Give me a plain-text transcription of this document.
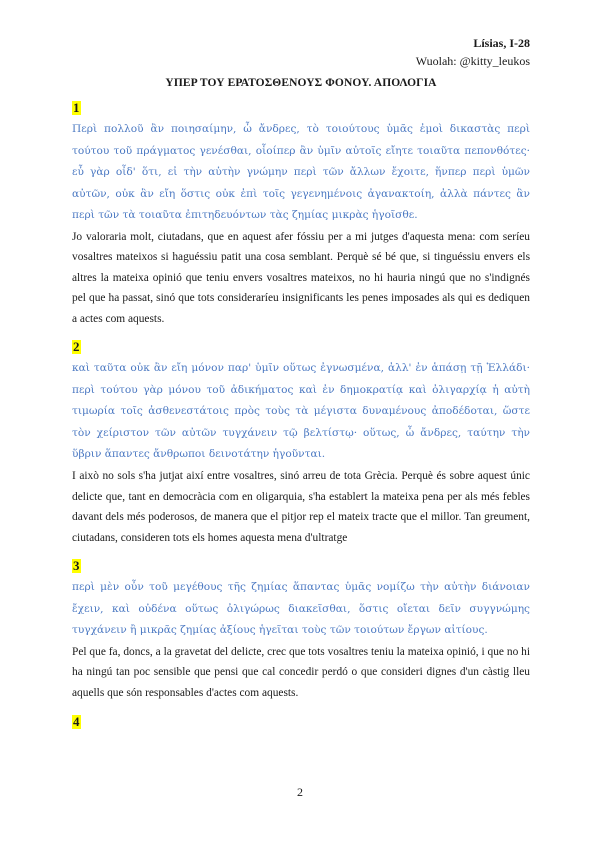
Lísias, I-28
Wuolah: @kitty_leukos
ΥΠΕΡ ΤΟΥ ΕΡΑΤΟΣΘΕΝΟΥΣ ΦΟΝΟΥ. ΑΠΟΛΟΓΙΑ
1

Περὶ πολλοῦ ἂν ποιησαίμην, ὦ ἄνδρες, τὸ τοιούτους ὑμᾶς ἐμοὶ δικαστὰς περὶ τούτου τοῦ πράγματος γενέσθαι, οἷοίπερ ἂν ὑμῖν αὐτοῖς εἴητε τοιαῦτα πεπονθότες· εὖ γὰρ οἶδ' ὅτι, εἰ τὴν αὐτὴν γνώμην περὶ τῶν ἄλλων ἔχοιτε, ἥνπερ περὶ ὑμῶν αὐτῶν, οὐκ ἂν εἴη ὅστις οὐκ ἐπὶ τοῖς γεγενημένοις ἀγανακτοίη, ἀλλὰ πάντες ἂν περὶ τῶν τὰ τοιαῦτα ἐπιτηδευόντων τὰς ζημίας μικρὰς ἡγοῖσθε.

Jo valoraria molt, ciutadans, que en aquest afer fóssiu per a mi jutges d'aquesta mena: com seríeu vosaltres mateixos si haguéssiu patit una cosa semblant. Perquè sé bé que, si tinguéssiu envers els altres la mateixa opinió que teniu envers vosaltres mateixos, no hi hauria ningú que no s'indignés pel que ha passat, sinó que tots consideraríeu insignificants les penes imposades als qui es dediquen a actes com aquests.

2

καὶ ταῦτα οὐκ ἂν εἴη μόνον παρ' ὑμῖν οὕτως ἐγνωσμένα, ἀλλ' ἐν ἁπάσῃ τῇ Ἑλλάδι· περὶ τούτου γὰρ μόνου τοῦ ἀδικήματος καὶ ἐν δημοκρατίᾳ καὶ ὀλιγαρχίᾳ ἡ αὐτὴ τιμωρία τοῖς ἀσθενεστάτοις πρὸς τοὺς τὰ μέγιστα δυναμένους ἀποδέδοται, ὥστε τὸν χείριστον τῶν αὐτῶν τυγχάνειν τῷ βελτίστῳ· οὕτως, ὦ ἄνδρες, ταύτην τὴν ὕβριν ἅπαντες ἄνθρωποι δεινοτάτην ἡγοῦνται.

I això no sols s'ha jutjat així entre vosaltres, sinó arreu de tota Grècia. Perquè és sobre aquest únic delicte que, tant en democràcia com en oligarquia, s'ha establert la mateixa pena per als més febles davant dels més poderosos, de manera que el pitjor rep el mateix tracte que el millor. Tan greument, ciutadans, consideren tots els homes aquesta mena d'ultratge

3

περὶ μὲν οὖν τοῦ μεγέθους τῆς ζημίας ἅπαντας ὑμᾶς νομίζω τὴν αὐτὴν διάνοιαν ἔχειν, καὶ οὐδένα οὕτως ὀλιγώρως διακεῖσθαι, ὅστις οἴεται δεῖν συγγνώμης τυγχάνειν ἢ μικρᾶς ζημίας ἀξίους ἡγεῖται τοὺς τῶν τοιούτων ἔργων αἰτίους.

Pel que fa, doncs, a la gravetat del delicte, crec que tots vosaltres teniu la mateixa opinió, i que no hi ha ningú tan poc sensible que pensi que cal concedir perdó o que consideri dignes d'un càstig lleu aquells que són responsables d'actes com aquests.

4
2
